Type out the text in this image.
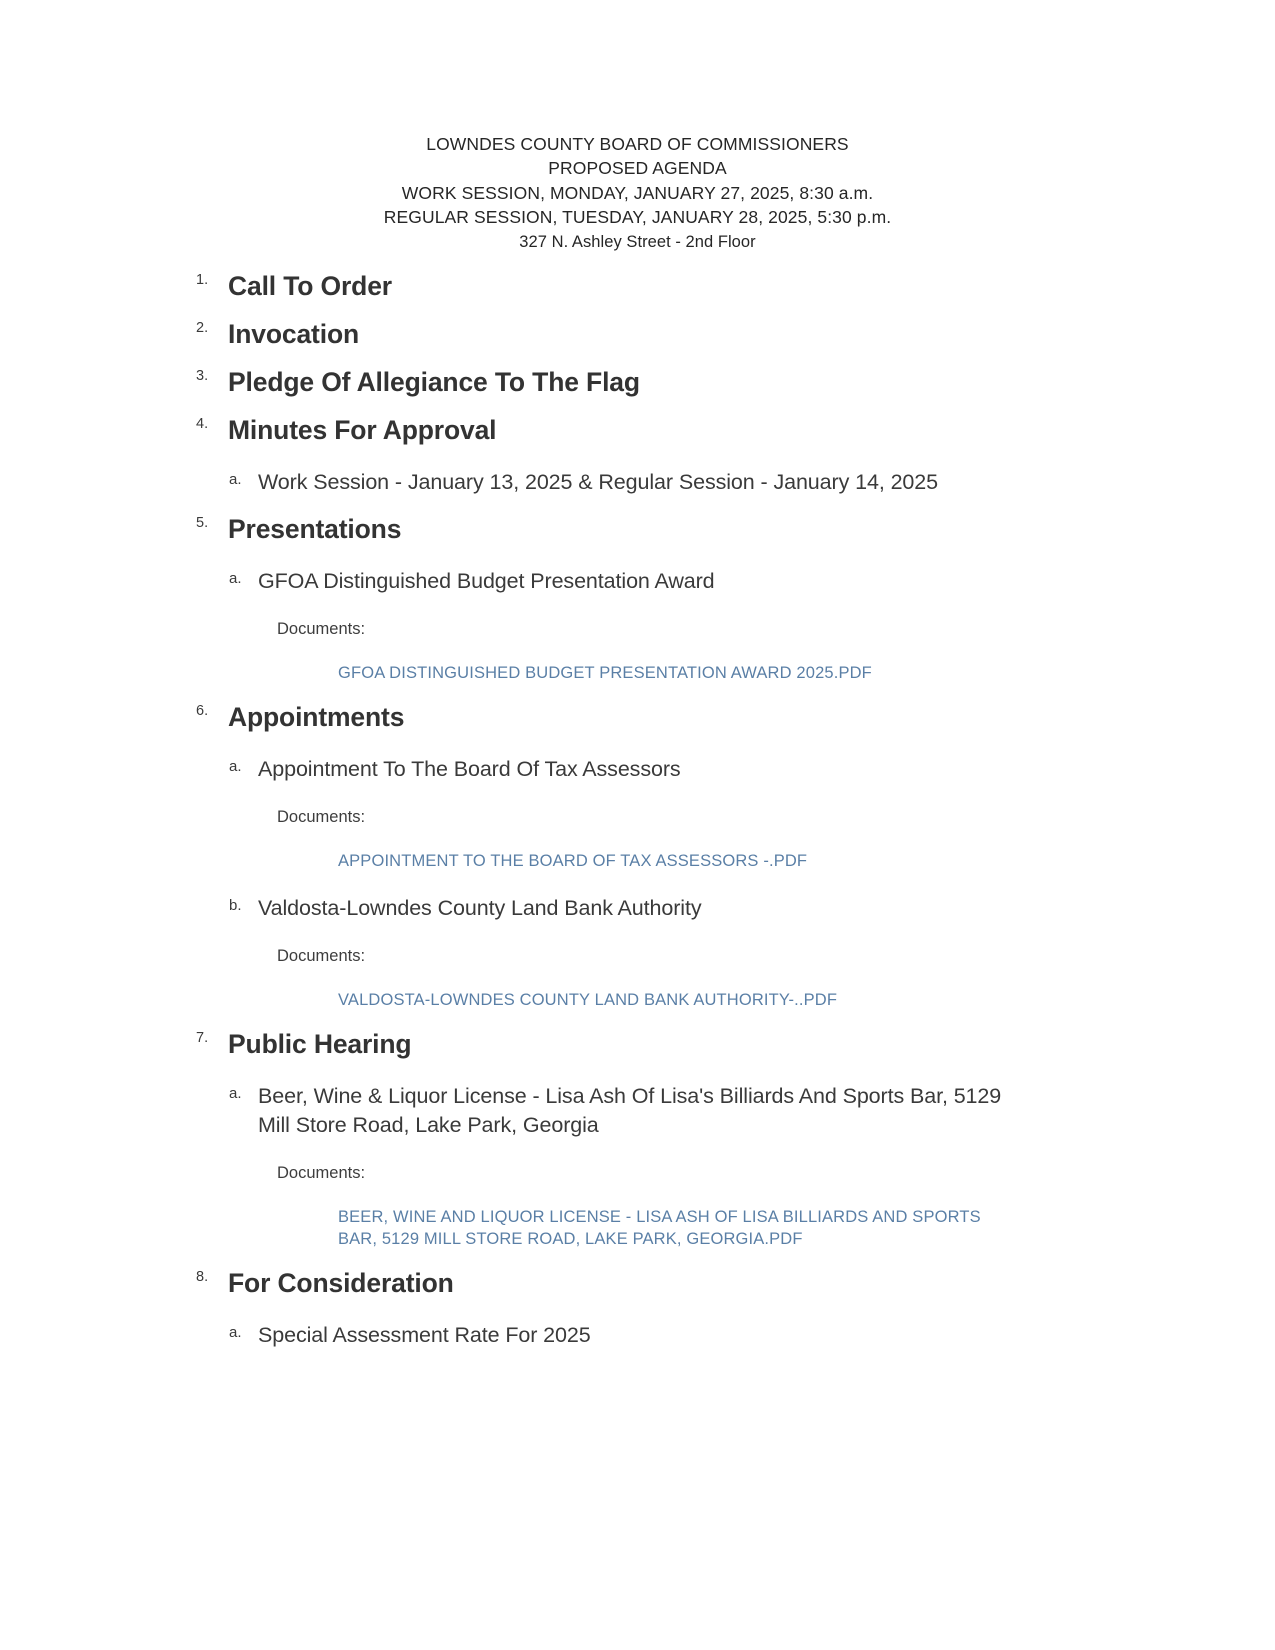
LOWNDES COUNTY BOARD OF COMMISSIONERS
PROPOSED AGENDA
WORK SESSION, MONDAY, JANUARY 27, 2025, 8:30 a.m.
REGULAR SESSION, TUESDAY, JANUARY 28, 2025, 5:30 p.m.
327 N. Ashley Street - 2nd Floor
1. Call To Order
2. Invocation
3. Pledge Of Allegiance To The Flag
4. Minutes For Approval
a. Work Session - January 13, 2025 & Regular Session - January 14, 2025
5. Presentations
a. GFOA Distinguished Budget Presentation Award
Documents:
GFOA DISTINGUISHED BUDGET PRESENTATION AWARD 2025.PDF
6. Appointments
a. Appointment To The Board Of Tax Assessors
Documents:
APPOINTMENT TO THE BOARD OF TAX ASSESSORS -.PDF
b. Valdosta-Lowndes County Land Bank Authority
Documents:
VALDOSTA-LOWNDES COUNTY LAND BANK AUTHORITY-..PDF
7. Public Hearing
a. Beer, Wine & Liquor License - Lisa Ash Of Lisa's Billiards And Sports Bar, 5129 Mill Store Road, Lake Park, Georgia
Documents:
BEER, WINE AND LIQUOR LICENSE - LISA ASH OF LISA BILLIARDS AND SPORTS BAR, 5129 MILL STORE ROAD, LAKE PARK, GEORGIA.PDF
8. For Consideration
a. Special Assessment Rate For 2025
